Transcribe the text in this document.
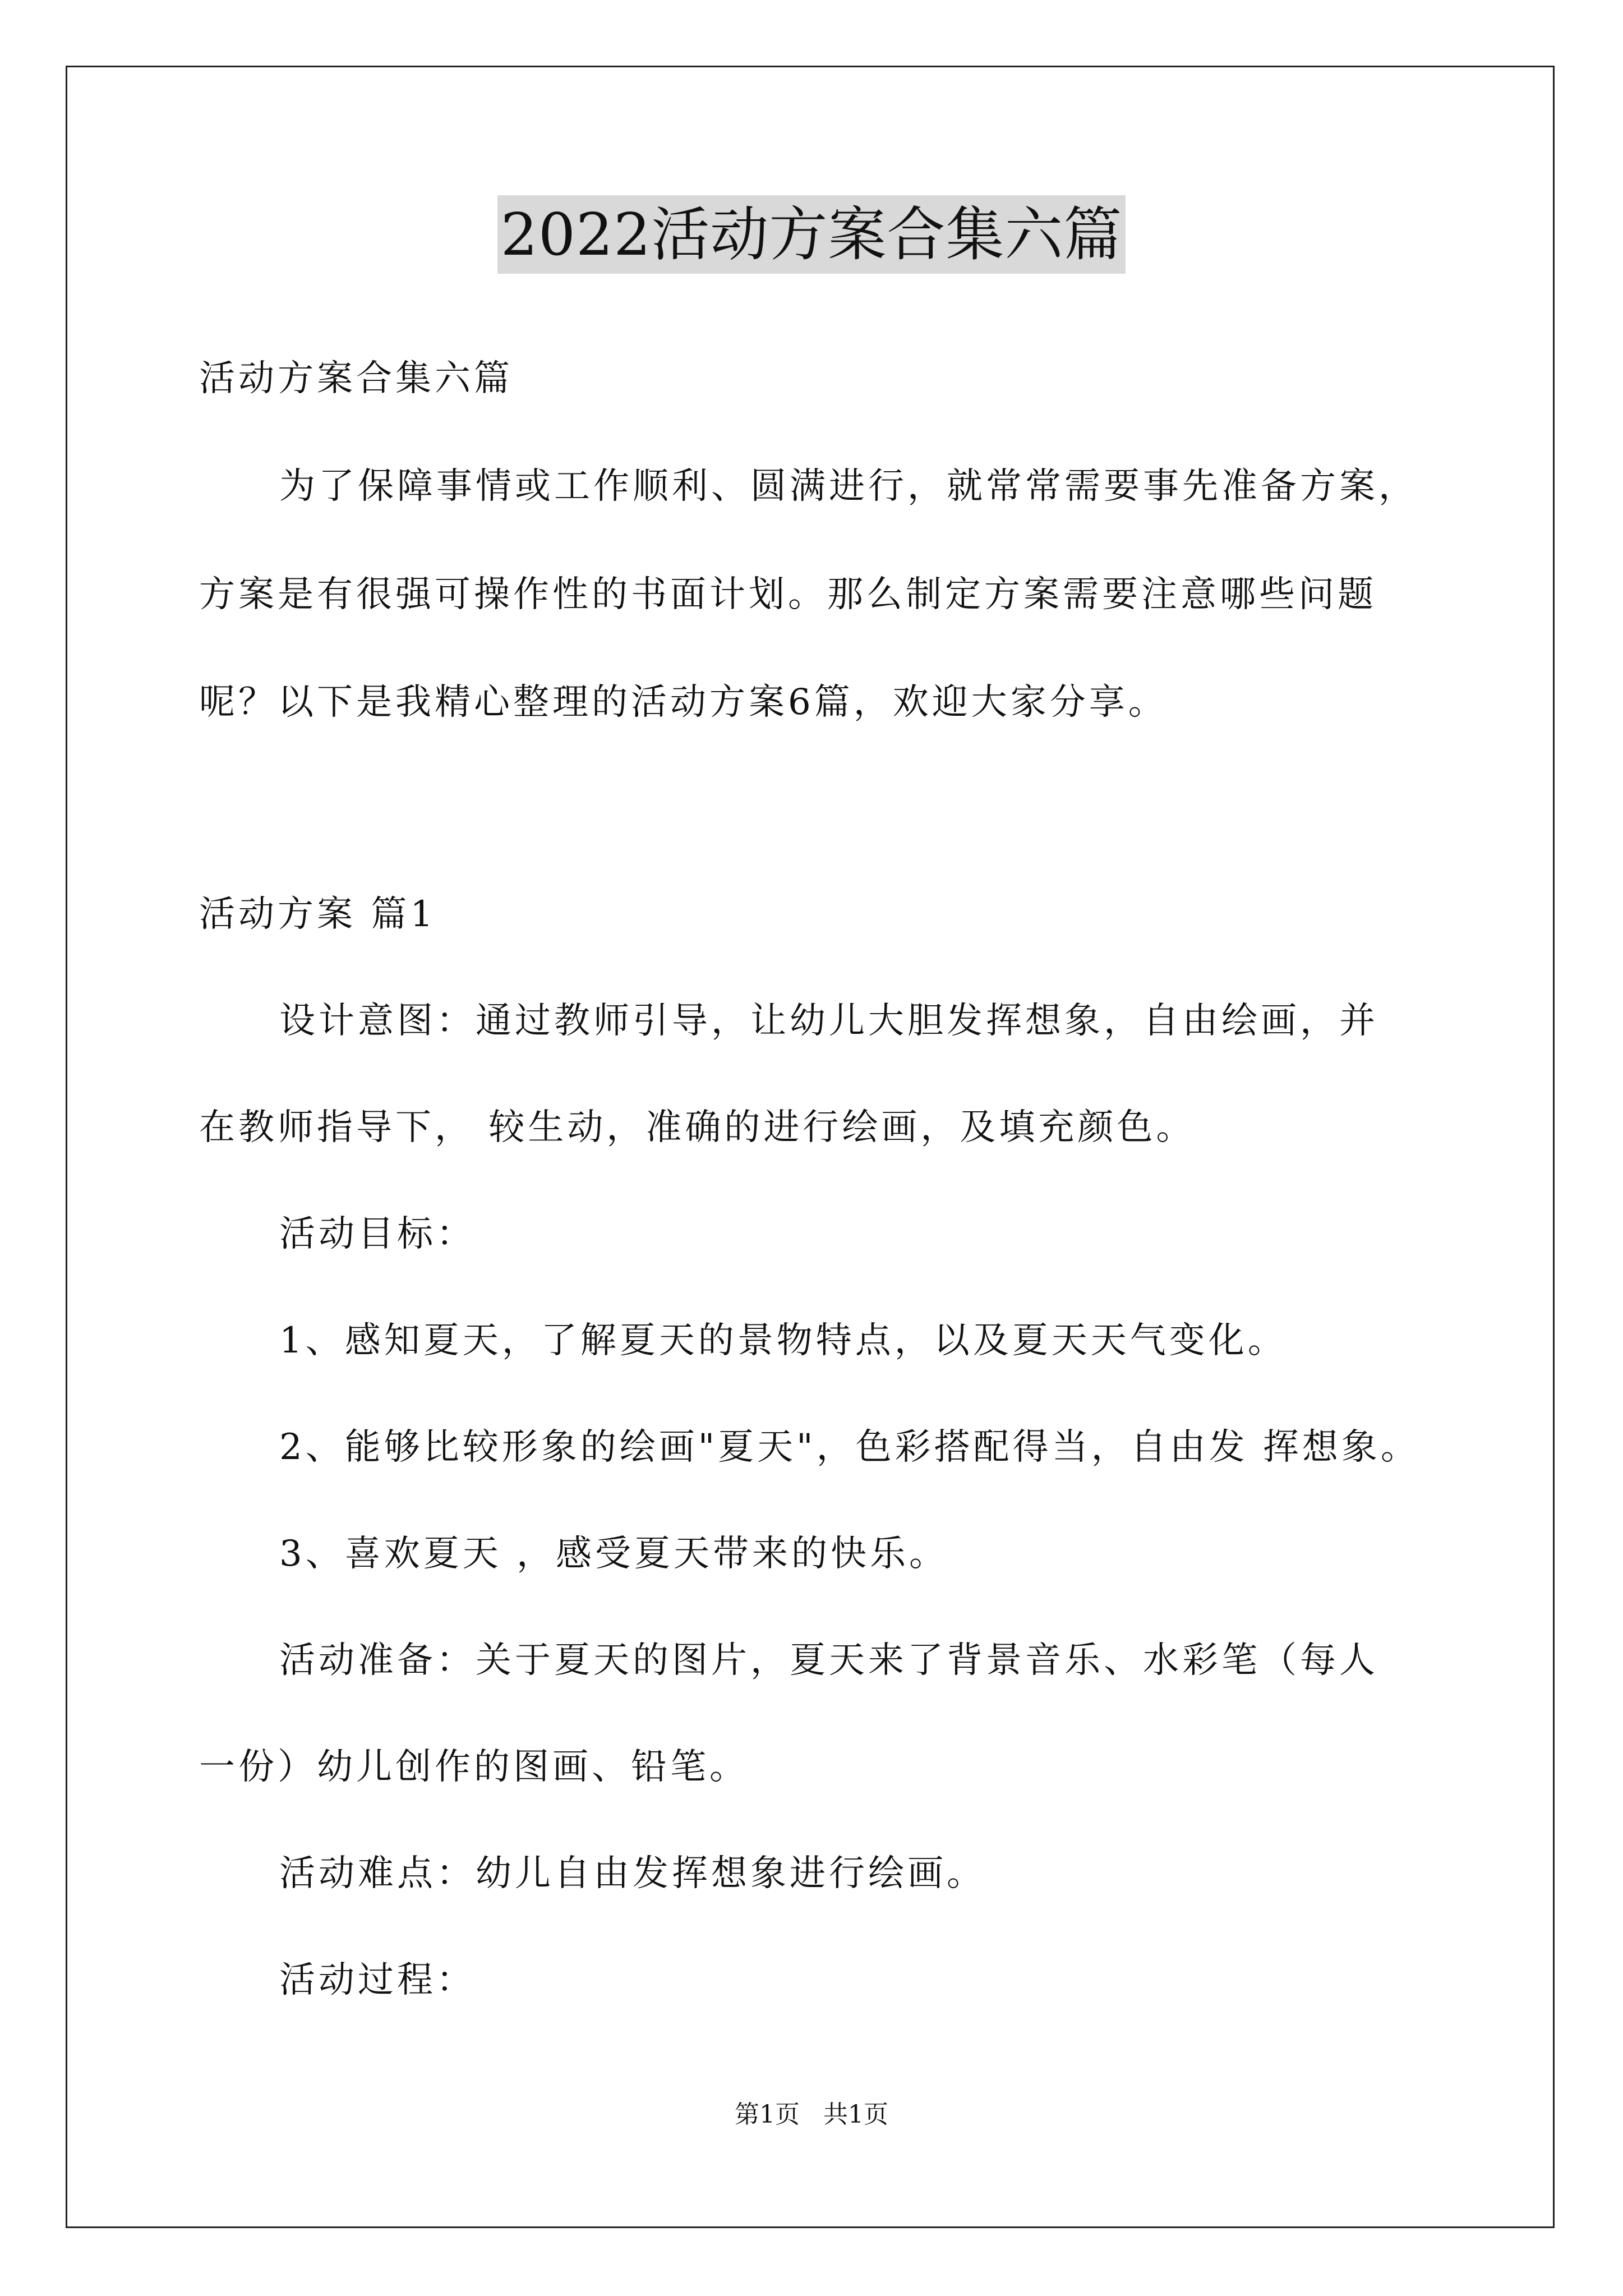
2022活动方案合集六篇
活动方案合集六篇
为了保障事情或工作顺利、圆满进行，就常常需要事先准备方案，
方案是有很强可操作性的书面计划。那么制定方案需要注意哪些问题
呢？以下是我精心整理的活动方案6篇，欢迎大家分享。
活动方案 篇1
设计意图：通过教师引导，让幼儿大胆发挥想象，自由绘画，并
在教师指导下， 较生动，准确的进行绘画，及填充颜色。
活动目标：
1、感知夏天，了解夏天的景物特点，以及夏天天气变化。
2、能够比较形象的绘画"夏天"，色彩搭配得当，自由发 挥想象。
3、喜欢夏天 ，感受夏天带来的快乐。
活动准备：关于夏天的图片，夏天来了背景音乐、水彩笔（每人
一份）幼儿创作的图画、铅笔。
活动难点：幼儿自由发挥想象进行绘画。
活动过程：
第1页   共1页
